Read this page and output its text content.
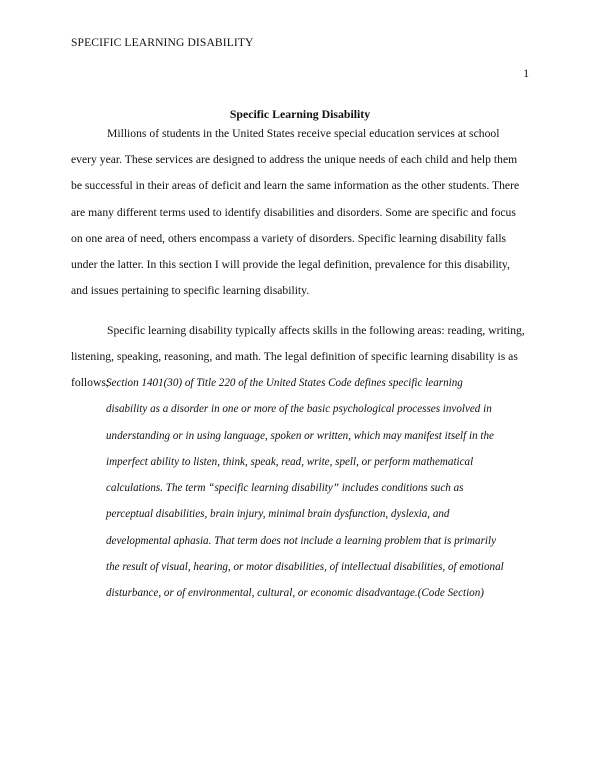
SPECIFIC LEARNING DISABILITY
1
Specific Learning Disability
Millions of students in the United States receive special education services at school
every year. These services are designed to address the unique needs of each child and help them
be successful in their areas of deficit and learn the same information as the other students. There
are many different terms used to identify disabilities and disorders. Some are specific and focus
on one area of need, others encompass a variety of disorders. Specific learning disability falls
under the latter. In this section I will provide the legal definition, prevalence for this disability,
and issues pertaining to specific learning disability.
Specific learning disability typically affects skills in the following areas: reading, writing,
listening, speaking, reasoning, and math. The legal definition of specific learning disability is as
follows;
Section 1401(30) of Title 220 of the United States Code defines specific learning
disability as a disorder in one or more of the basic psychological processes involved in
understanding or in using language, spoken or written, which may manifest itself in the
imperfect ability to listen, think, speak, read, write, spell, or perform mathematical
calculations. The term “specific learning disability” includes conditions such as
perceptual disabilities, brain injury, minimal brain dysfunction, dyslexia, and
developmental aphasia. That term does not include a learning problem that is primarily
the result of visual, hearing, or motor disabilities, of intellectual disabilities, of emotional
disturbance, or of environmental, cultural, or economic disadvantage.(Code Section)
